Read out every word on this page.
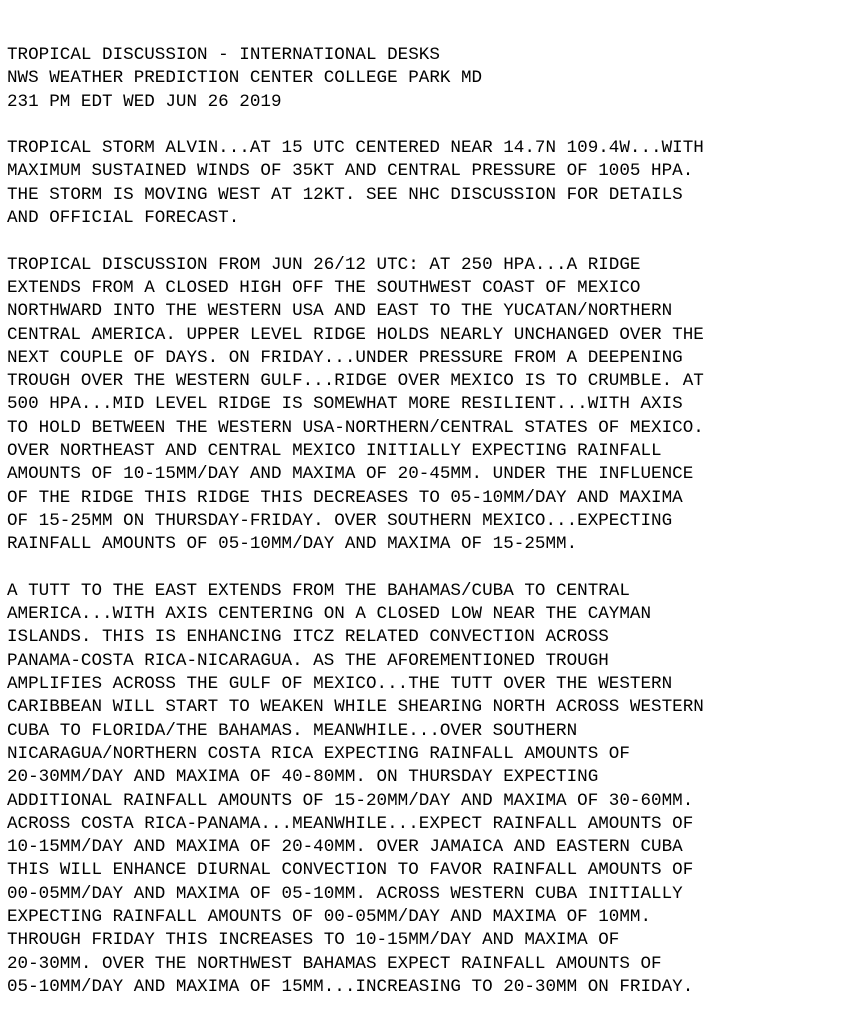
TROPICAL DISCUSSION - INTERNATIONAL DESKS
NWS WEATHER PREDICTION CENTER COLLEGE PARK MD
231 PM EDT WED JUN 26 2019
TROPICAL STORM ALVIN...AT 15 UTC CENTERED NEAR 14.7N 109.4W...WITH
MAXIMUM SUSTAINED WINDS OF 35KT AND CENTRAL PRESSURE OF 1005 HPA.
THE STORM IS MOVING WEST AT 12KT. SEE NHC DISCUSSION FOR DETAILS
AND OFFICIAL FORECAST.
TROPICAL DISCUSSION FROM JUN 26/12 UTC: AT 250 HPA...A RIDGE
EXTENDS FROM A CLOSED HIGH OFF THE SOUTHWEST COAST OF MEXICO
NORTHWARD INTO THE WESTERN USA AND EAST TO THE YUCATAN/NORTHERN
CENTRAL AMERICA. UPPER LEVEL RIDGE HOLDS NEARLY UNCHANGED OVER THE
NEXT COUPLE OF DAYS. ON FRIDAY...UNDER PRESSURE FROM A DEEPENING
TROUGH OVER THE WESTERN GULF...RIDGE OVER MEXICO IS TO CRUMBLE. AT
500 HPA...MID LEVEL RIDGE IS SOMEWHAT MORE RESILIENT...WITH AXIS
TO HOLD BETWEEN THE WESTERN USA-NORTHERN/CENTRAL STATES OF MEXICO.
OVER NORTHEAST AND CENTRAL MEXICO INITIALLY EXPECTING RAINFALL
AMOUNTS OF 10-15MM/DAY AND MAXIMA OF 20-45MM. UNDER THE INFLUENCE
OF THE RIDGE THIS RIDGE THIS DECREASES TO 05-10MM/DAY AND MAXIMA
OF 15-25MM ON THURSDAY-FRIDAY. OVER SOUTHERN MEXICO...EXPECTING
RAINFALL AMOUNTS OF 05-10MM/DAY AND MAXIMA OF 15-25MM.
A TUTT TO THE EAST EXTENDS FROM THE BAHAMAS/CUBA TO CENTRAL
AMERICA...WITH AXIS CENTERING ON A CLOSED LOW NEAR THE CAYMAN
ISLANDS. THIS IS ENHANCING ITCZ RELATED CONVECTION ACROSS
PANAMA-COSTA RICA-NICARAGUA. AS THE AFOREMENTIONED TROUGH
AMPLIFIES ACROSS THE GULF OF MEXICO...THE TUTT OVER THE WESTERN
CARIBBEAN WILL START TO WEAKEN WHILE SHEARING NORTH ACROSS WESTERN
CUBA TO FLORIDA/THE BAHAMAS. MEANWHILE...OVER SOUTHERN
NICARAGUA/NORTHERN COSTA RICA EXPECTING RAINFALL AMOUNTS OF
20-30MM/DAY AND MAXIMA OF 40-80MM. ON THURSDAY EXPECTING
ADDITIONAL RAINFALL AMOUNTS OF 15-20MM/DAY AND MAXIMA OF 30-60MM.
ACROSS COSTA RICA-PANAMA...MEANWHILE...EXPECT RAINFALL AMOUNTS OF
10-15MM/DAY AND MAXIMA OF 20-40MM. OVER JAMAICA AND EASTERN CUBA
THIS WILL ENHANCE DIURNAL CONVECTION TO FAVOR RAINFALL AMOUNTS OF
00-05MM/DAY AND MAXIMA OF 05-10MM. ACROSS WESTERN CUBA INITIALLY
EXPECTING RAINFALL AMOUNTS OF 00-05MM/DAY AND MAXIMA OF 10MM.
THROUGH FRIDAY THIS INCREASES TO 10-15MM/DAY AND MAXIMA OF
20-30MM. OVER THE NORTHWEST BAHAMAS EXPECT RAINFALL AMOUNTS OF
05-10MM/DAY AND MAXIMA OF 15MM...INCREASING TO 20-30MM ON FRIDAY.
